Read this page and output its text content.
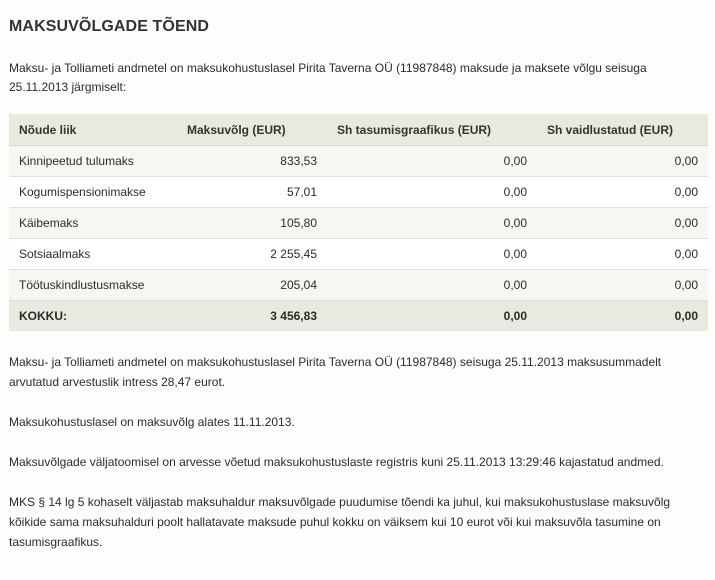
MAKSUVÕLGADE TÕEND

Maksu- ja Tolliameti andmetel on maksukohustuslasel Pirita Taverna OÜ (11987848) maksude ja maksete võlgu seisuga 25.11.2013 järgmiselt:

Nõude liik	Maksuvõlg (EUR)	Sh tasumisgraafikus (EUR)	Sh vaidlustatud (EUR)
Kinnipeetud tulumaks	833,53	0,00	0,00
Kogumispensionimakse	57,01	0,00	0,00
Käibemaks	105,80	0,00	0,00
Sotsiaalmaks	2 255,45	0,00	0,00
Töötuskindlustusmakse	205,04	0,00	0,00
KOKKU:	3 456,83	0,00	0,00

Maksu- ja Tolliameti andmetel on maksukohustuslasel Pirita Taverna OÜ (11987848) seisuga 25.11.2013 maksusummadelt arvutatud arvestuslik intress 28,47 eurot.

Maksukohustuslasel on maksuvõlg alates 11.11.2013.

Maksuvõlgade väljatoomisel on arvesse võetud maksukohustuslaste registris kuni 25.11.2013 13:29:46 kajastatud andmed.

MKS § 14 lg 5 kohaselt väljastab maksuhaldur maksuvõlgade puudumise tõendi ka juhul, kui maksukohustuslase maksuvõlg kõikide sama maksuhalduri poolt hallatavate maksude puhul kokku on väiksem kui 10 eurot või kui maksuvõla tasumine on tasumisgraafikus.
